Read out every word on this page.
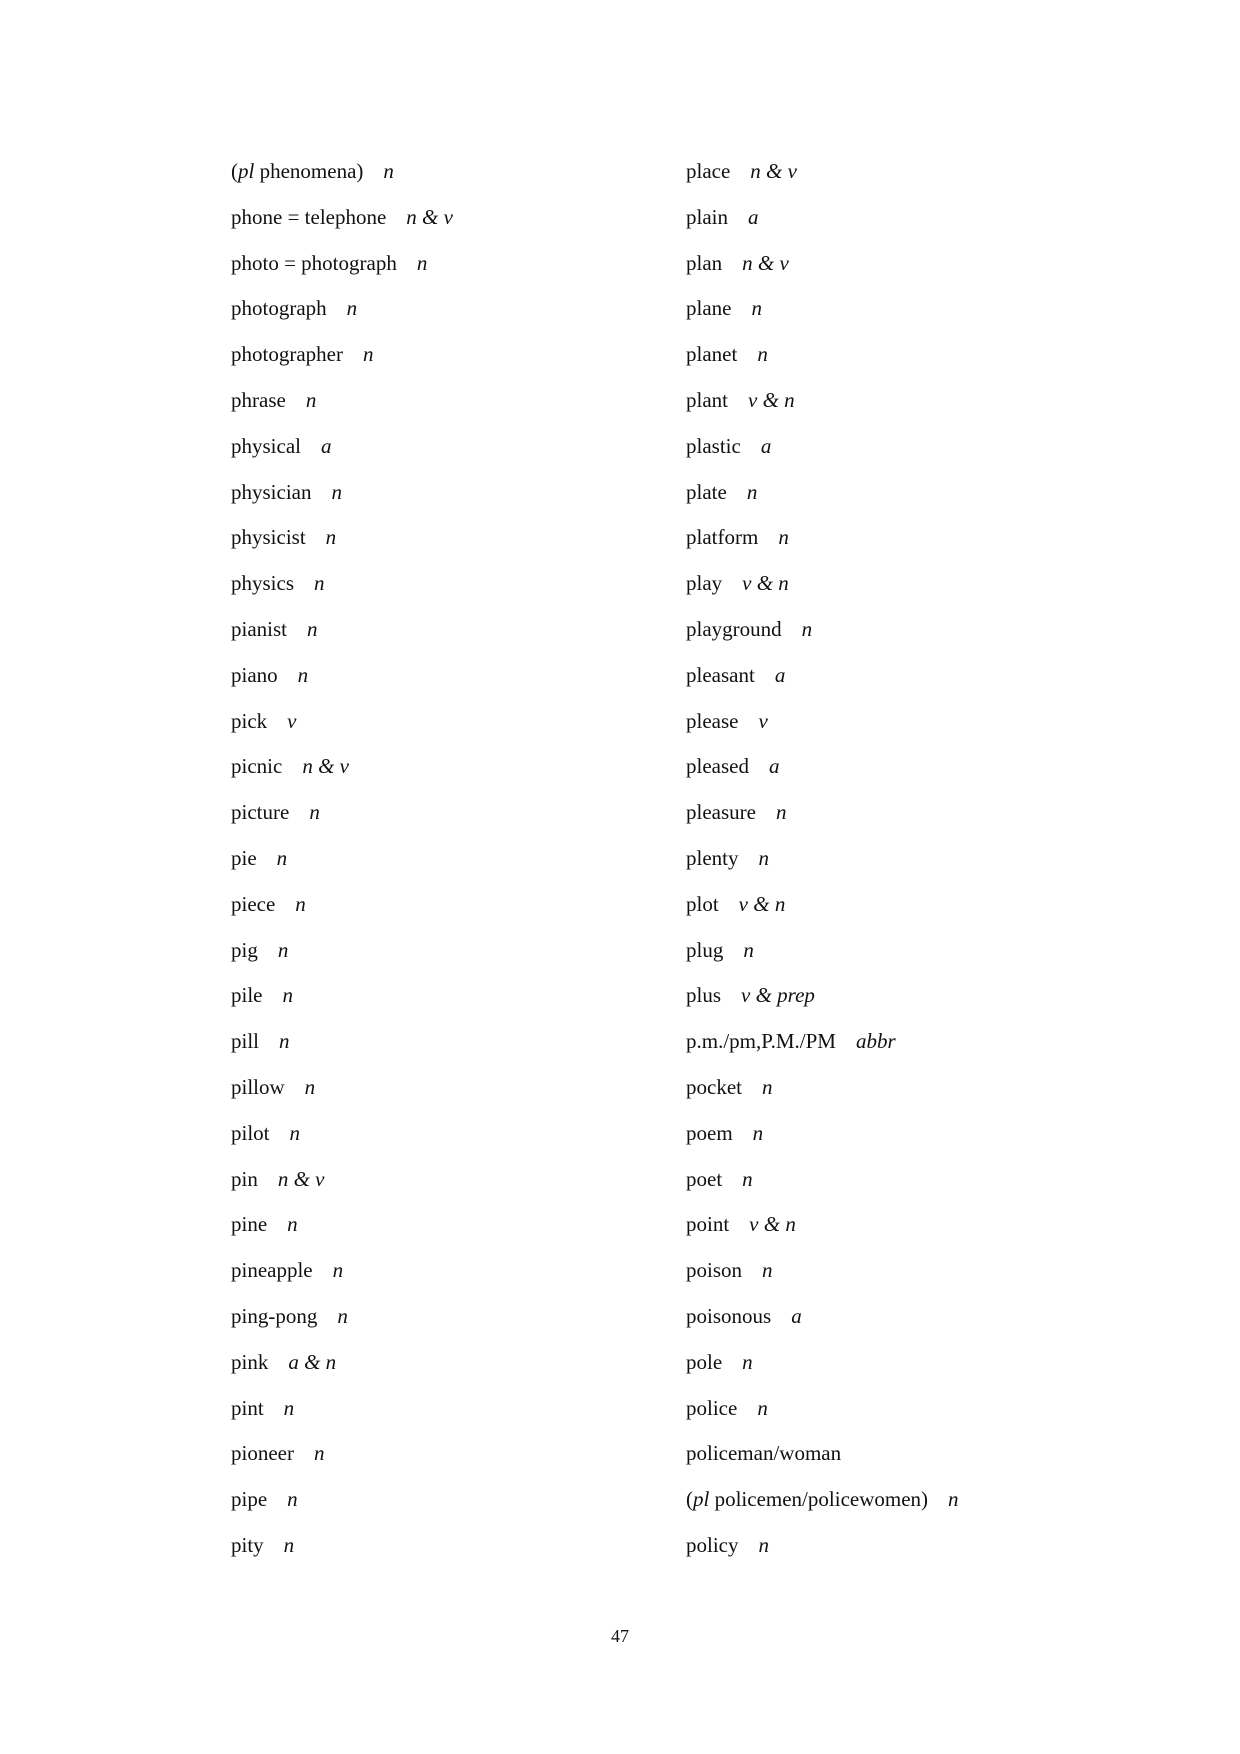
(pl phenomena) n
phone = telephone n & v
photo = photograph n
photograph n
photographer n
phrase n
physical a
physician n
physicist n
physics n
pianist n
piano n
pick v
picnic n & v
picture n
pie n
piece n
pig n
pile n
pill n
pillow n
pilot n
pin n & v
pine n
pineapple n
ping-pong n
pink a & n
pint n
pioneer n
pipe n
pity n
place n & v
plain a
plan n & v
plane n
planet n
plant v & n
plastic a
plate n
platform n
play v & n
playground n
pleasant a
please v
pleased a
pleasure n
plenty n
plot v & n
plug n
plus v & prep
p.m./pm,P.M./PM abbr
pocket n
poem n
poet n
point v & n
poison n
poisonous a
pole n
police n
policeman/woman
(pl policemen/policewomen) n
policy n
47
